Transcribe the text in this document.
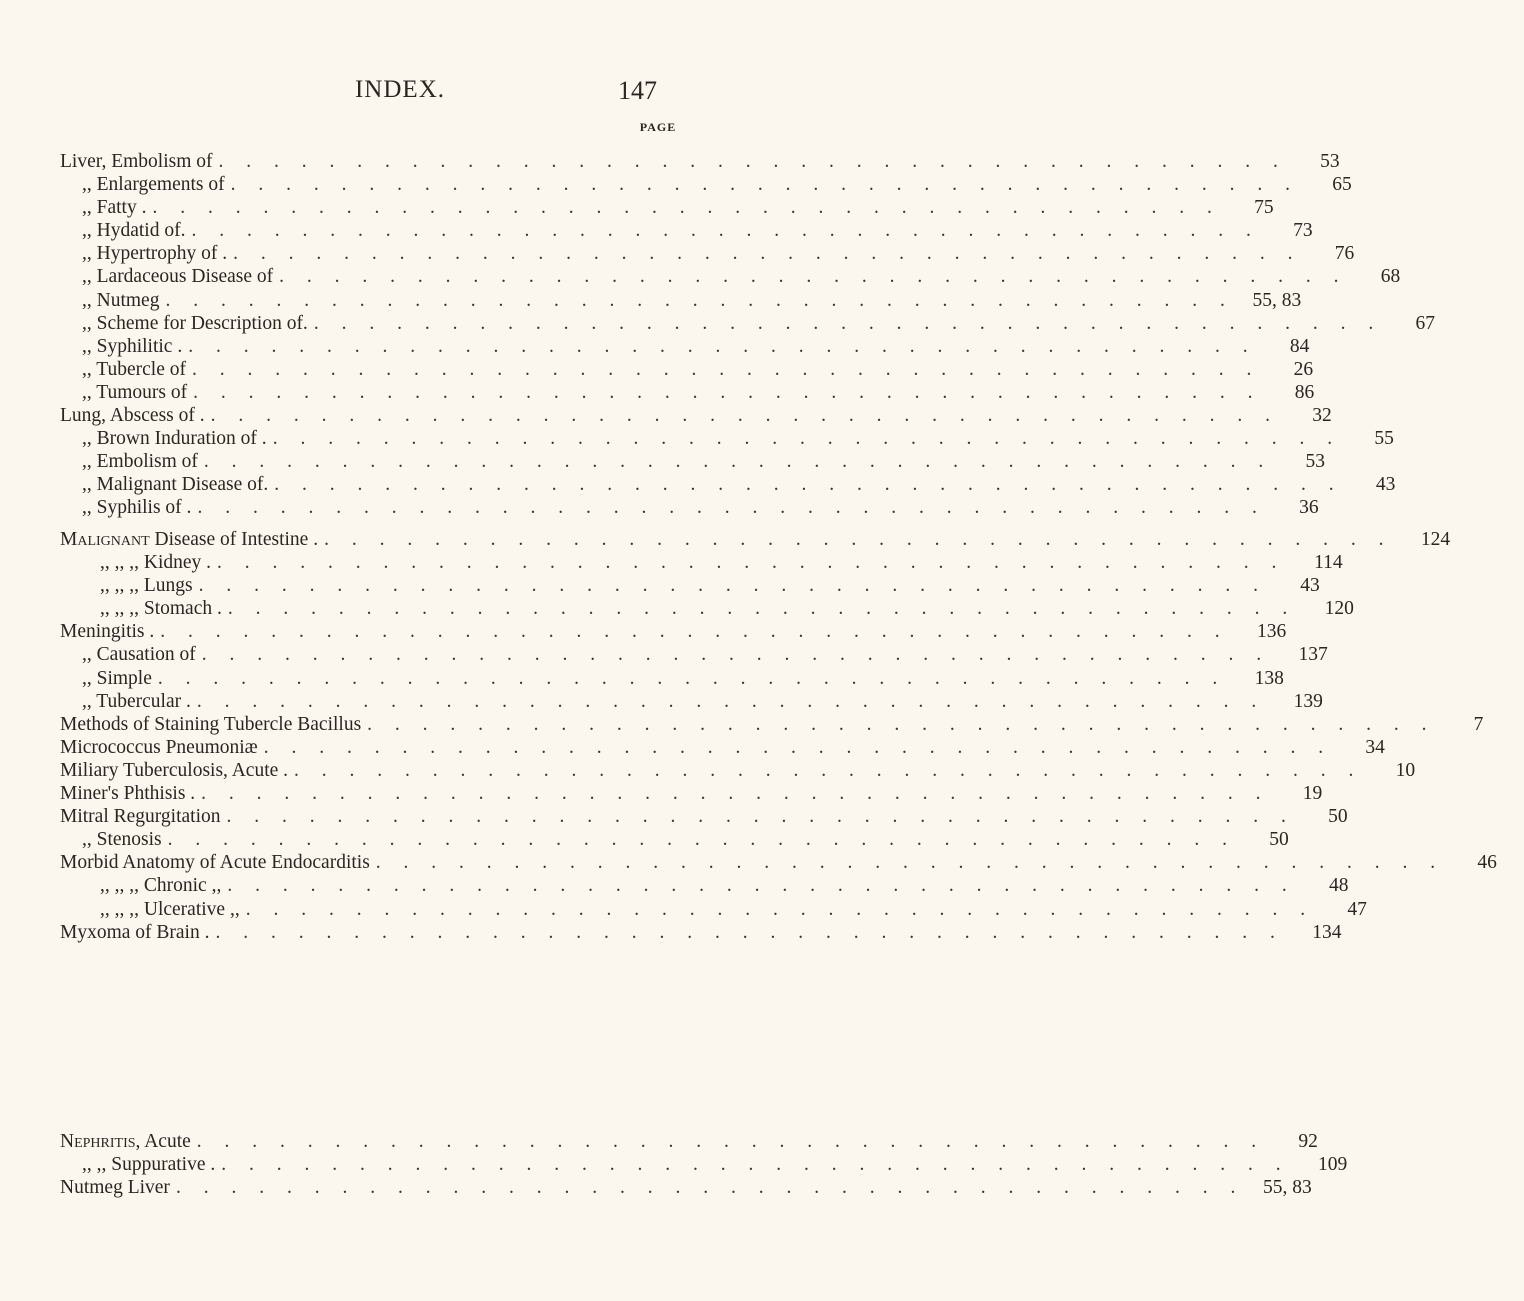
INDEX.	147
PAGE
Liver, Embolism of . . . . . . . . . . . . . . . . . . . . . . . . . . . . . . . . . . . . . . .	53
,, Enlargements of . . . . . . . . . . . . . . . . . . . . . . . . . . . . . . . . . . . . . . .	65
,, Fatty . . . . . . . . . . . . . . . . . . . . . . . . . . . . . . . . . . . . . . . .	75
,, Hydatid of. . . . . . . . . . . . . . . . . . . . . . . . . . . . . . . . . . . . . . . .	73
,, Hypertrophy of . . . . . . . . . . . . . . . . . . . . . . . . . . . . . . . . . . . . . . . .	76
,, Lardaceous Disease of . . . . . . . . . . . . . . . . . . . . . . . . . . . . . . . . . . . . . . .	68
,, Nutmeg . . . . . . . . . . . . . . . . . . . . . . . . . . . . . . . . . . . . . . . 55, 83
,, Scheme for Description of. . . . . . . . . . . . . . . . . . . . . . . . . . . . . . . . . . . . . . . .	67
,, Syphilitic . . . . . . . . . . . . . . . . . . . . . . . . . . . . . . . . . . . . . . . .	84
,, Tubercle of . . . . . . . . . . . . . . . . . . . . . . . . . . . . . . . . . . . . . . .	26
,, Tumours of . . . . . . . . . . . . . . . . . . . . . . . . . . . . . . . . . . . . . . .	86
Lung, Abscess of . . . . . . . . . . . . . . . . . . . . . . . . . . . . . . . . . . . . . . . .	32
,, Brown Induration of . . . . . . . . . . . . . . . . . . . . . . . . . . . . . . . . . . . . . . . .	55
,, Embolism of . . . . . . . . . . . . . . . . . . . . . . . . . . . . . . . . . . . . . . .	53
,, Malignant Disease of. . . . . . . . . . . . . . . . . . . . . . . . . . . . . . . . . . . . . . . .	43
,, Syphilis of . . . . . . . . . . . . . . . . . . . . . . . . . . . . . . . . . . . . . . . .	36
Malignant Disease of Intestine . . . . . . . . . . . . . . . . . . . . . . . . . . . . . . . . . . . . . . . .	124
,, ,, ,, Kidney . . . . . . . . . . . . . . . . . . . . . . . . . . . . . . . . . . . . . . . .	114
,, ,, ,, Lungs . . . . . . . . . . . . . . . . . . . . . . . . . . . . . . . . . . . . . . .	43
,, ,, ,, Stomach . . . . . . . . . . . . . . . . . . . . . . . . . . . . . . . . . . . . . . . .	120
Meningitis . . . . . . . . . . . . . . . . . . . . . . . . . . . . . . . . . . . . . . . .	136
,, Causation of . . . . . . . . . . . . . . . . . . . . . . . . . . . . . . . . . . . . . . .	137
,, Simple . . . . . . . . . . . . . . . . . . . . . . . . . . . . . . . . . . . . . . .	138
,, Tubercular . . . . . . . . . . . . . . . . . . . . . . . . . . . . . . . . . . . . . . . .	139
Methods of Staining Tubercle Bacillus . . . . . . . . . . . . . . . . . . . . . . . . . . . . . . . . . . . . . . .	7
Micrococcus Pneumoniæ . . . . . . . . . . . . . . . . . . . . . . . . . . . . . . . . . . . . . . .	34
Miliary Tuberculosis, Acute . . . . . . . . . . . . . . . . . . . . . . . . . . . . . . . . . . . . . . . .	10
Miner's Phthisis . . . . . . . . . . . . . . . . . . . . . . . . . . . . . . . . . . . . . . . .	19
Mitral Regurgitation . . . . . . . . . . . . . . . . . . . . . . . . . . . . . . . . . . . . . . .	50
,, Stenosis . . . . . . . . . . . . . . . . . . . . . . . . . . . . . . . . . . . . . . .	50
Morbid Anatomy of Acute Endocarditis . . . . . . . . . . . . . . . . . . . . . . . . . . . . . . . . . . . . . . .	46
,, ,, ,, Chronic ,, . . . . . . . . . . . . . . . . . . . . . . . . . . . . . . . . . . . . . . .	48
,, ,, ,, Ulcerative ,, . . . . . . . . . . . . . . . . . . . . . . . . . . . . . . . . . . . . . . .	47
Myxoma of Brain . . . . . . . . . . . . . . . . . . . . . . . . . . . . . . . . . . . . . . . .	134
Nephritis, Acute . . . . . . . . . . . . . . . . . . . . . . . . . . . . . . . . . . . . . . .	92
,, ,, Suppurative . . . . . . . . . . . . . . . . . . . . . . . . . . . . . . . . . . . . . . . .	109
Nutmeg Liver . . . . . . . . . . . . . . . . . . . . . . . . . . . . . . . . . . . . . . . 55, 83
